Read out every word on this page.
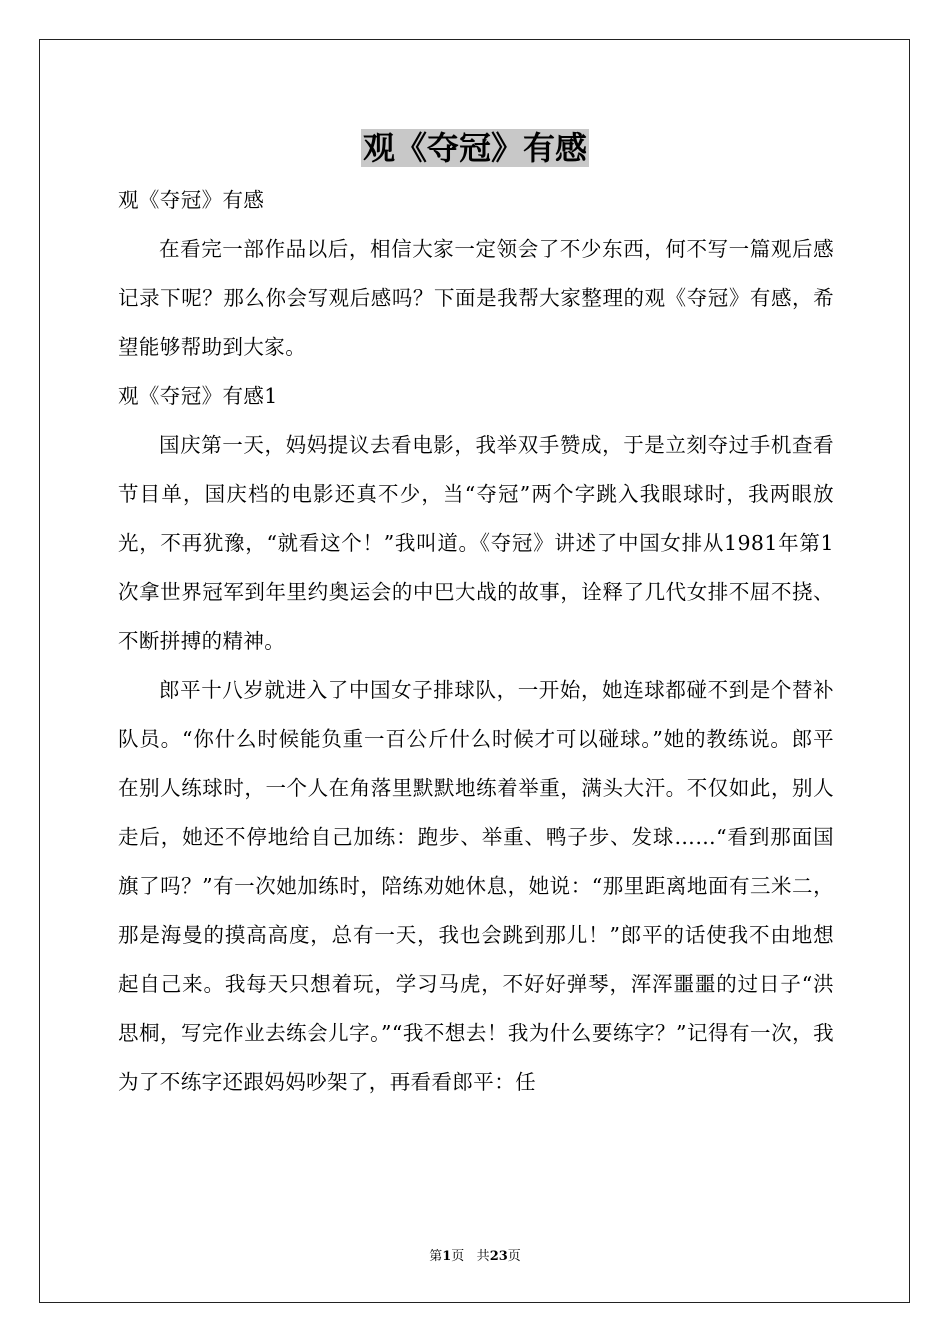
观《夺冠》有感

观《夺冠》有感

在看完一部作品以后，相信大家一定领会了不少东西，何不写一篇观后感记录下呢？那么你会写观后感吗？下面是我帮大家整理的观《夺冠》有感，希望能够帮助到大家。

观《夺冠》有感1

国庆第一天，妈妈提议去看电影，我举双手赞成，于是立刻夺过手机查看节目单，国庆档的电影还真不少，当“夺冠”两个字跳入我眼球时，我两眼放光，不再犹豫，“就看这个！”我叫道。《夺冠》讲述了中国女排从1981年第1次拿世界冠军到年里约奥运会的中巴大战的故事，诠释了几代女排不屈不挠、不断拼搏的精神。

郎平十八岁就进入了中国女子排球队，一开始，她连球都碰不到是个替补队员。“你什么时候能负重一百公斤什么时候才可以碰球。”她的教练说。郎平在别人练球时，一个人在角落里默默地练着举重，满头大汗。不仅如此，别人走后，她还不停地给自己加练：跑步、举重、鸭子步、发球……“看到那面国旗了吗？”有一次她加练时，陪练劝她休息，她说：“那里距离地面有三米二，那是海曼的摸高高度，总有一天，我也会跳到那儿！”郎平的话使我不由地想起自己来。我每天只想着玩，学习马虎，不好好弹琴，浑浑噩噩的过日子“洪思桐，写完作业去练会儿字。”“我不想去！我为什么要练字？”记得有一次，我为了不练字还跟妈妈吵架了，再看看郎平：任

第1页 共23页
